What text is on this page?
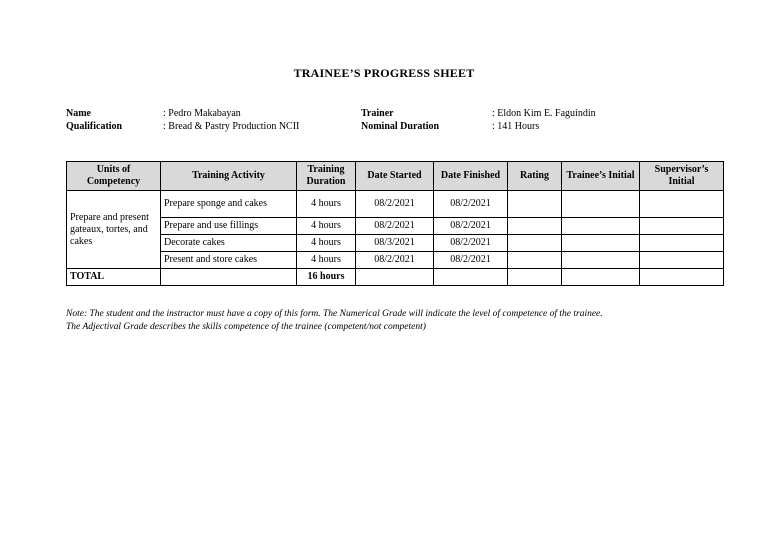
TRAINEE’S PROGRESS SHEET
Name	: Pedro Makabayan
Qualification	: Bread & Pastry Production NCII
Trainer	: Eldon Kim E. Faguindin
Nominal Duration	: 141 Hours
Units of Competency	Training Activity	Training Duration	Date Started	Date Finished	Rating	Trainee’s Initial	Supervisor’s Initial
Prepare and present gateaux, tortes, and cakes	Prepare sponge and cakes	4 hours	08/2/2021	08/2/2021			
	Prepare and use fillings	4 hours	08/2/2021	08/2/2021			
	Decorate cakes	4 hours	08/3/2021	08/2/2021			
	Present and store cakes	4 hours	08/2/2021	08/2/2021			
TOTAL		16 hours					
Note: The student and the instructor must have a copy of this form. The Numerical Grade will indicate the level of competence of the trainee.
The Adjectival Grade describes the skills competence of the trainee (competent/not competent)
